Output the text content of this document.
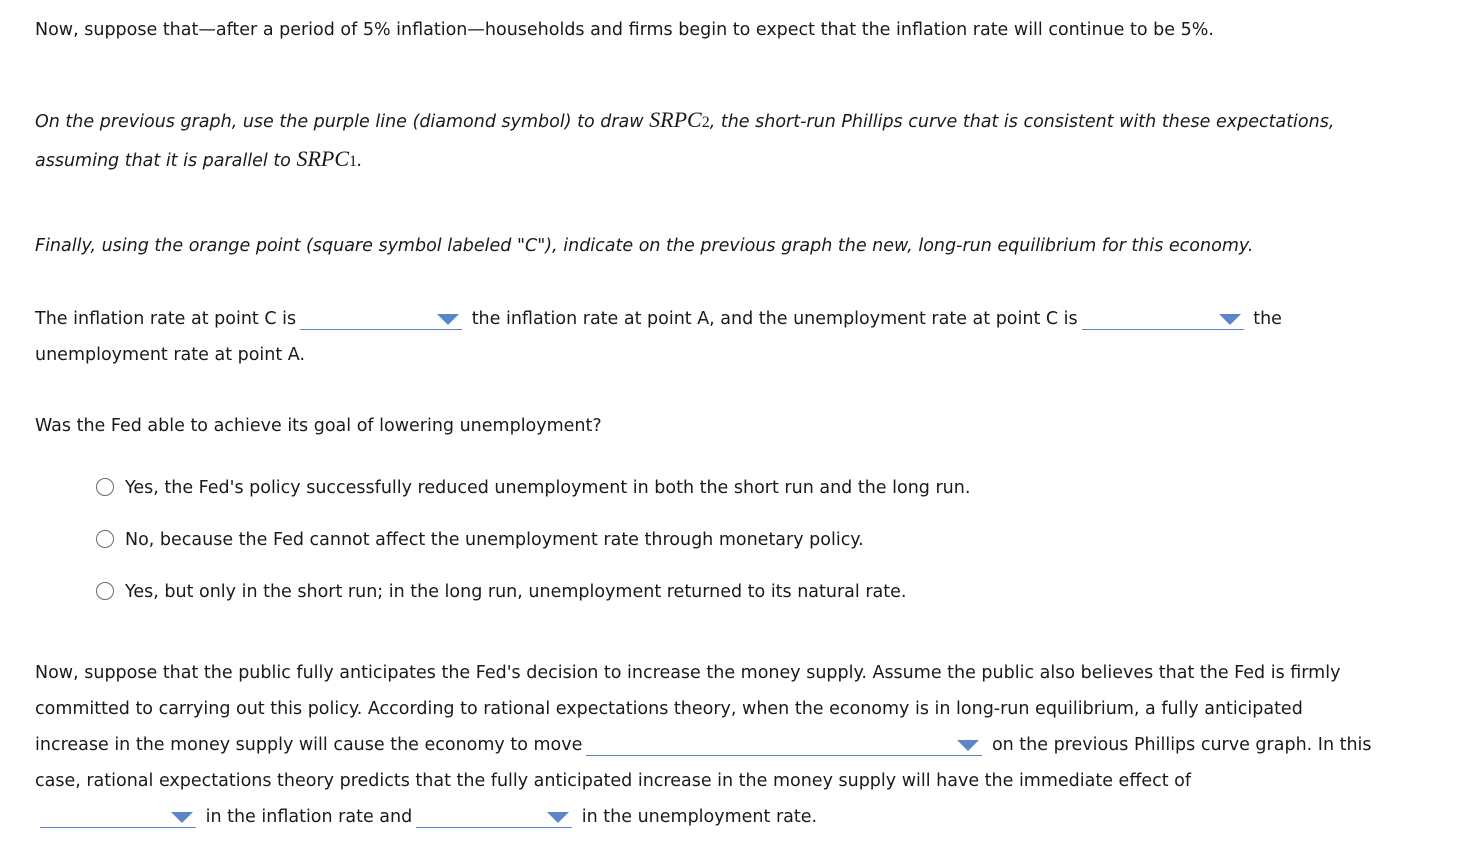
Now, suppose that—after a period of 5% inflation—households and firms begin to expect that the inflation rate will continue to be 5%.
On the previous graph, use the purple line (diamond symbol) to draw SRPC2, the short-run Phillips curve that is consistent with these expectations,
assuming that it is parallel to SRPC1.
Finally, using the orange point (square symbol labeled "C"), indicate on the previous graph the new, long-run equilibrium for this economy.
The inflation rate at point C is	the inflation rate at point A, and the unemployment rate at point C is	the
unemployment rate at point A.
Was the Fed able to achieve its goal of lowering unemployment?
Yes, the Fed's policy successfully reduced unemployment in both the short run and the long run.
No, because the Fed cannot affect the unemployment rate through monetary policy.
Yes, but only in the short run; in the long run, unemployment returned to its natural rate.
Now, suppose that the public fully anticipates the Fed's decision to increase the money supply. Assume the public also believes that the Fed is firmly
committed to carrying out this policy. According to rational expectations theory, when the economy is in long-run equilibrium, a fully anticipated
increase in the money supply will cause the economy to move	on the previous Phillips curve graph. In this
case, rational expectations theory predicts that the fully anticipated increase in the money supply will have the immediate effect of
in the inflation rate and	in the unemployment rate.
